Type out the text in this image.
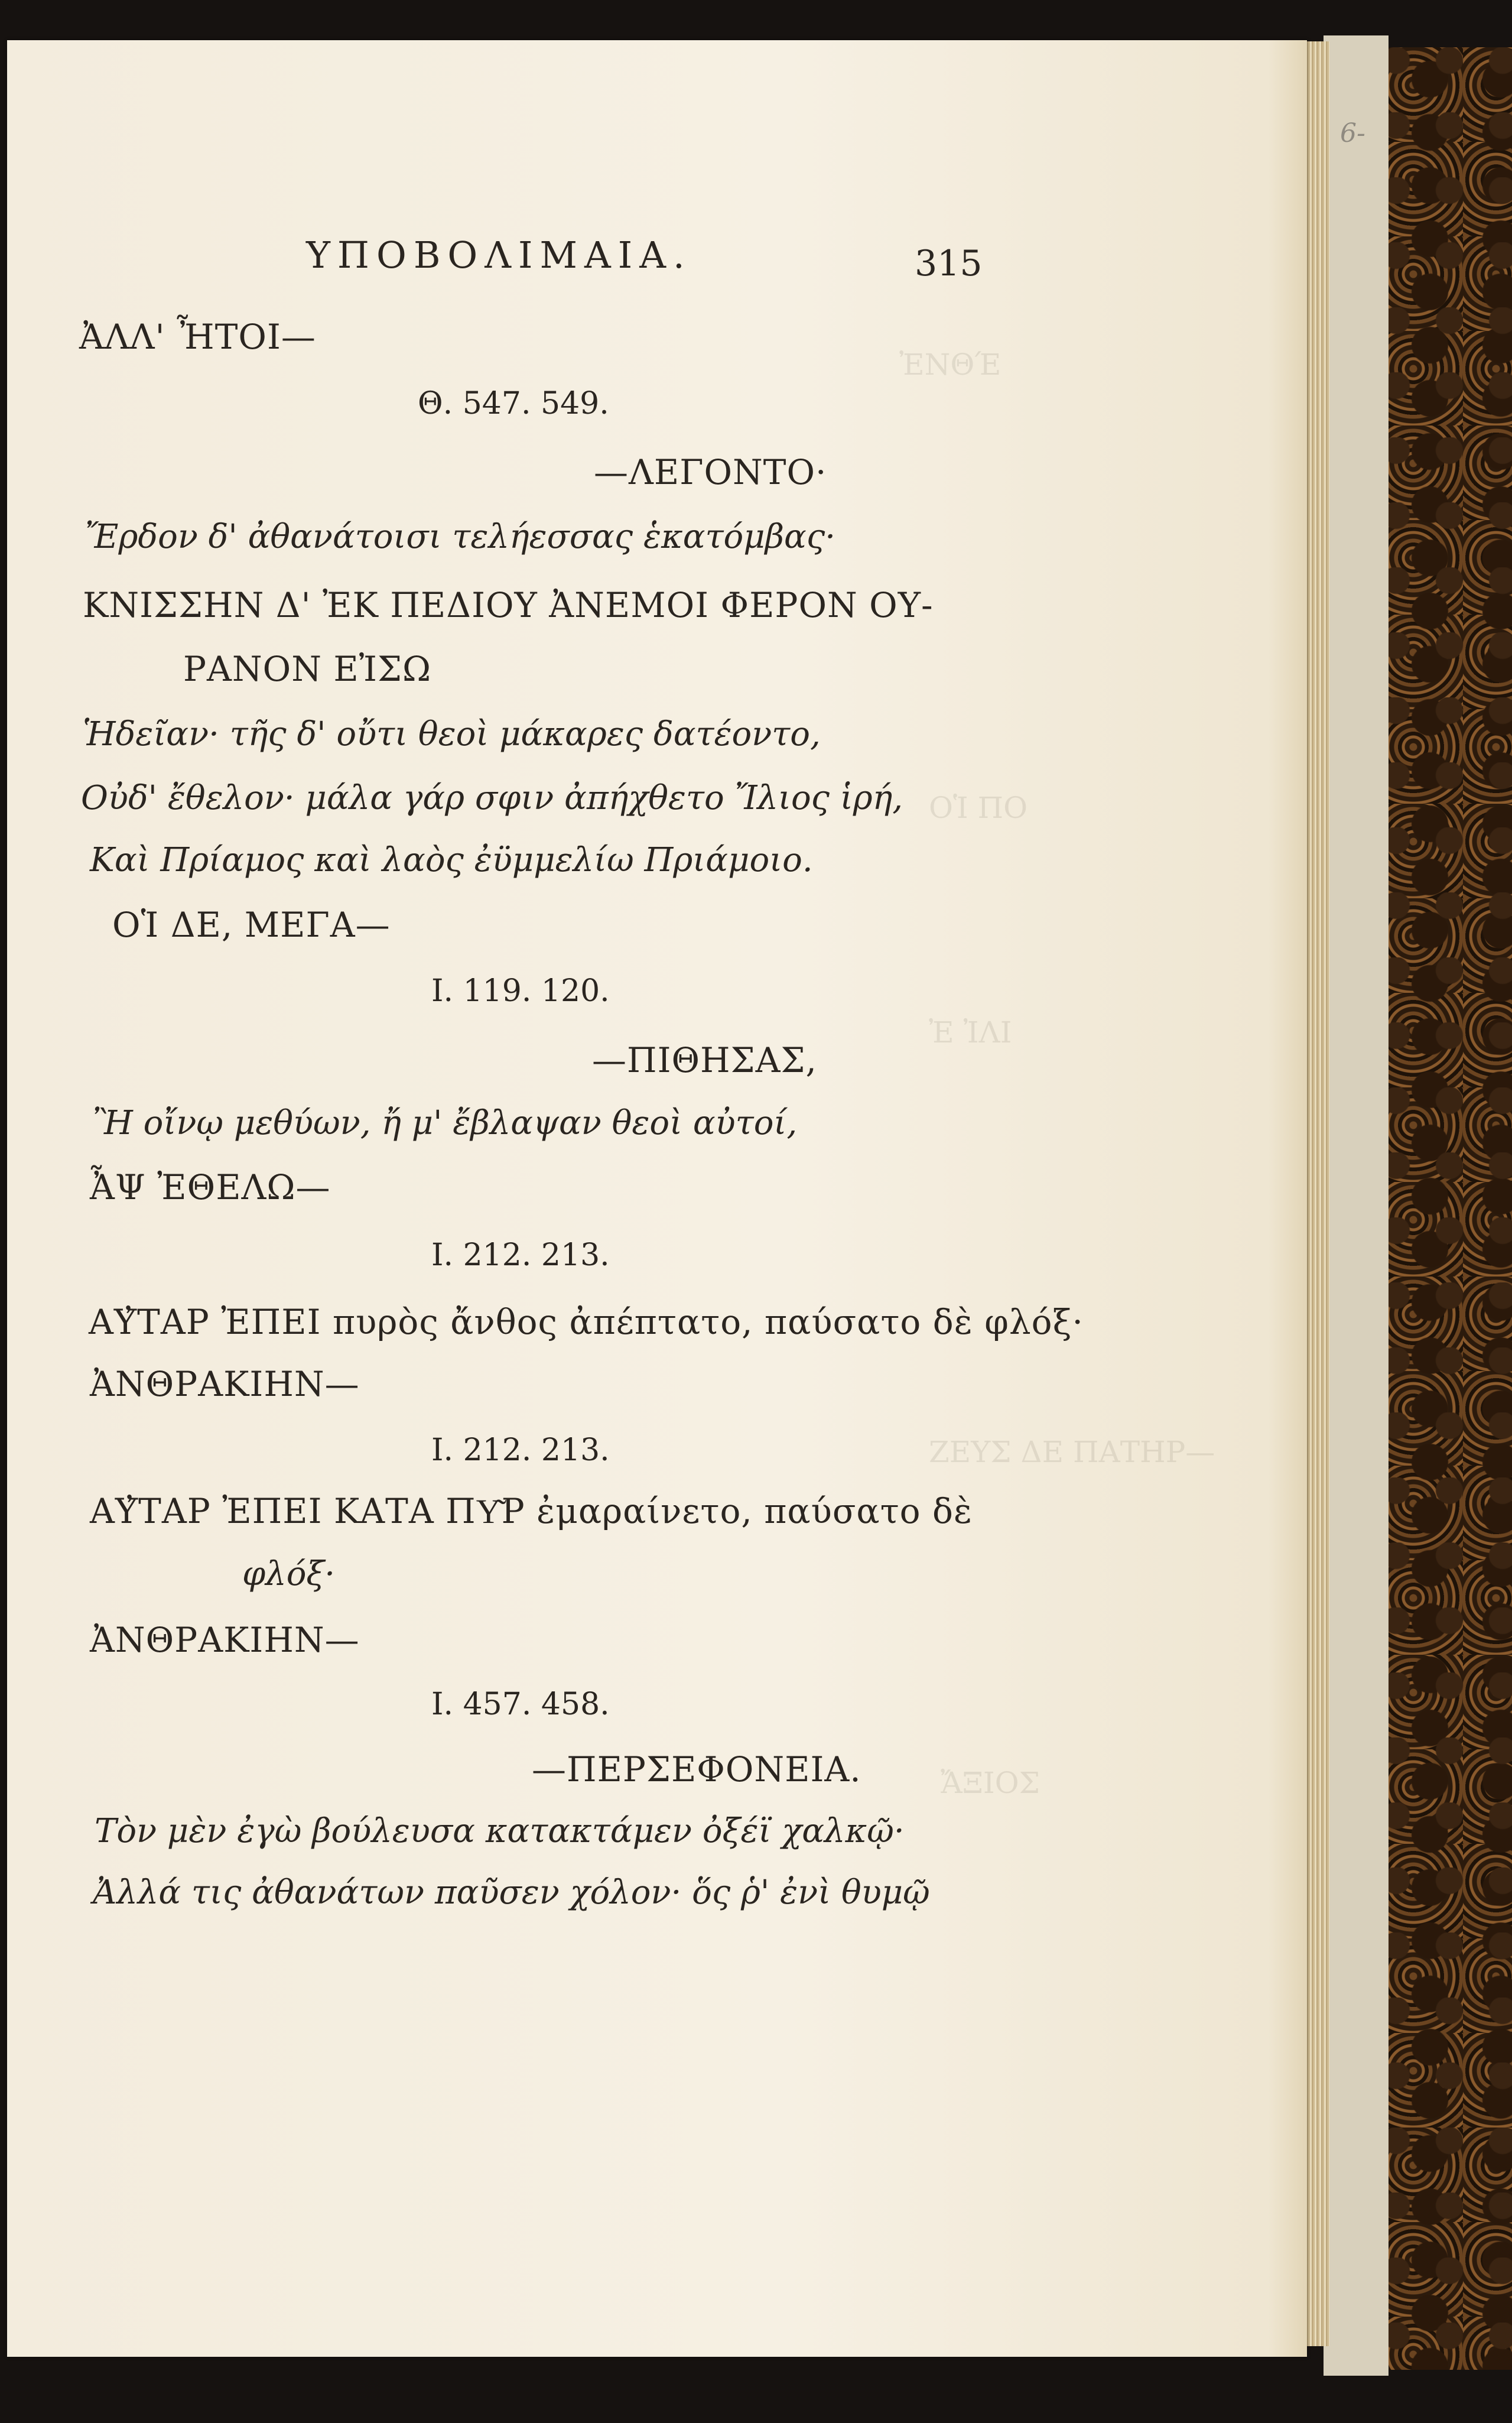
ἘΝΘΈ
ΟἹ ΠΟ
Ἐ ἸΛΙ
ΖΕΥΣ ΔΕ ΠΑΤΗΡ—
ἌΞΙΟΣ
ΥΠΟΒΟΛΙΜΑΙΑ.	315
ἈΛΛ' ἮΤΟΙ—
Θ. 547. 549.
—ΛΕΓΟΝΤΟ·
Ἔρδον δ' ἀθανάτοισι τελήεσσας ἑκατόμβας·
ΚΝΙΣΣΗΝ Δ' ἘΚ ΠΕΔΙΟΥ ἈΝΕΜΟΙ ΦΕΡΟΝ ΟΥ-
ΡΑΝΟΝ ΕἸΣΩ
Ἡδεῖαν· τῆς δ' οὔτι θεοὶ μάκαρες δατέοντο,
Οὐδ' ἔθελον· μάλα γάρ σφιν ἀπήχθετο Ἴλιος ἱρή,
Καὶ Πρίαμος καὶ λαὸς ἐϋμμελίω Πριάμοιο.
ΟἹ ΔΕ, ΜΕΓΑ—
Ι. 119. 120.
—ΠΙΘΗΣΑΣ,
Ἢ οἴνῳ μεθύων, ἤ μ' ἔβλαψαν θεοὶ αὐτοί,
ἎΨ ἘΘΕΛΩ—
Ι. 212. 213.
ΑΥ̓ΤΑΡ ἘΠΕΙ πυρὸς ἄνθος ἀπέπτατο, παύσατο δὲ φλόξ·
ἈΝΘΡΑΚΙΗΝ—
Ι. 212. 213.
ΑΥ̓ΤΑΡ ἘΠΕΙ ΚΑΤΑ ΠΥ͂Ρ ἐμαραίνετο, παύσατο δὲ
φλόξ·
ἈΝΘΡΑΚΙΗΝ—
Ι. 457. 458.
—ΠΕΡΣΕΦΟΝΕΙΑ.
Τὸν μὲν ἐγὼ βούλευσα κατακτάμεν ὀξέϊ χαλκῷ·
Ἀλλά τις ἀθανάτων παῦσεν χόλον· ὅς ῥ' ἐνὶ θυμῷ
6-
